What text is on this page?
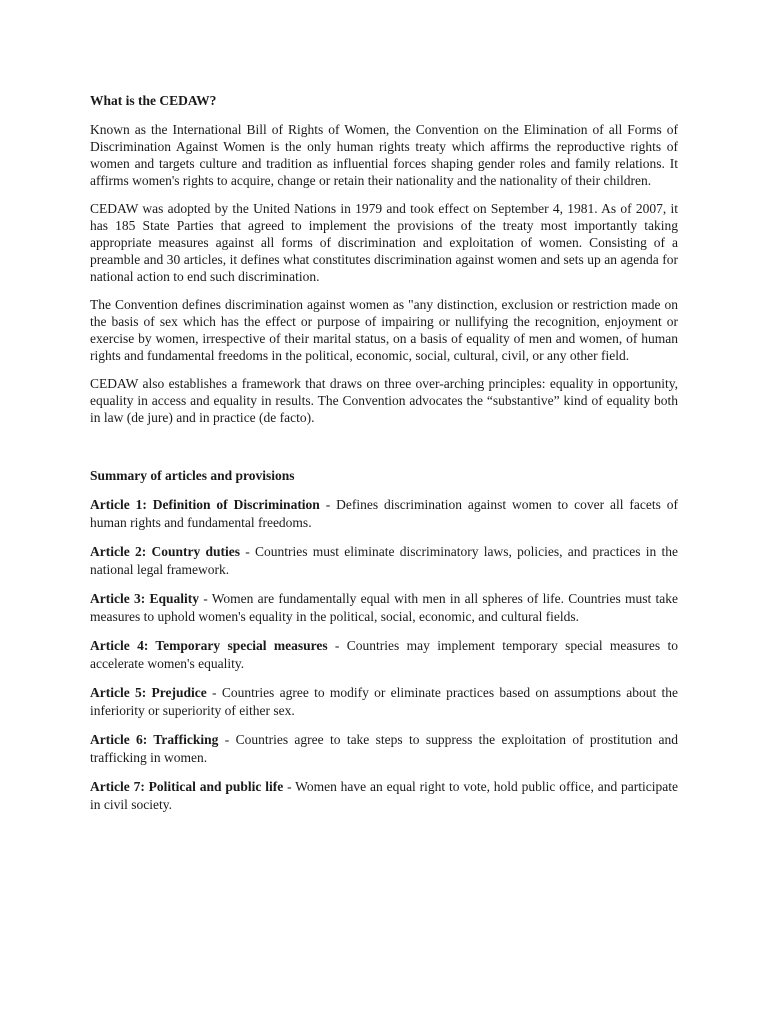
What is the CEDAW?

Known as the International Bill of Rights of Women, the Convention on the Elimination of all Forms of Discrimination Against Women is the only human rights treaty which affirms the reproductive rights of women and targets culture and tradition as influential forces shaping gender roles and family relations. It affirms women's rights to acquire, change or retain their nationality and the nationality of their children.

CEDAW was adopted by the United Nations in 1979 and took effect on September 4, 1981. As of 2007, it has 185 State Parties that agreed to implement the provisions of the treaty most importantly taking appropriate measures against all forms of discrimination and exploitation of women. Consisting of a preamble and 30 articles, it defines what constitutes discrimination against women and sets up an agenda for national action to end such discrimination.

The Convention defines discrimination against women as "any distinction, exclusion or restriction made on the basis of sex which has the effect or purpose of impairing or nullifying the recognition, enjoyment or exercise by women, irrespective of their marital status, on a basis of equality of men and women, of human rights and fundamental freedoms in the political, economic, social, cultural, civil, or any other field.

CEDAW also establishes a framework that draws on three over-arching principles: equality in opportunity, equality in access and equality in results. The Convention advocates the “substantive” kind of equality both in law (de jure) and in practice (de facto).

Summary of articles and provisions

Article 1: Definition of Discrimination - Defines discrimination against women to cover all facets of human rights and fundamental freedoms.

Article 2: Country duties - Countries must eliminate discriminatory laws, policies, and practices in the national legal framework.

Article 3: Equality - Women are fundamentally equal with men in all spheres of life. Countries must take measures to uphold women's equality in the political, social, economic, and cultural fields.

Article 4: Temporary special measures - Countries may implement temporary special measures to accelerate women's equality.

Article 5: Prejudice - Countries agree to modify or eliminate practices based on assumptions about the inferiority or superiority of either sex.

Article 6: Trafficking - Countries agree to take steps to suppress the exploitation of prostitution and trafficking in women.

Article 7: Political and public life - Women have an equal right to vote, hold public office, and participate in civil society.
